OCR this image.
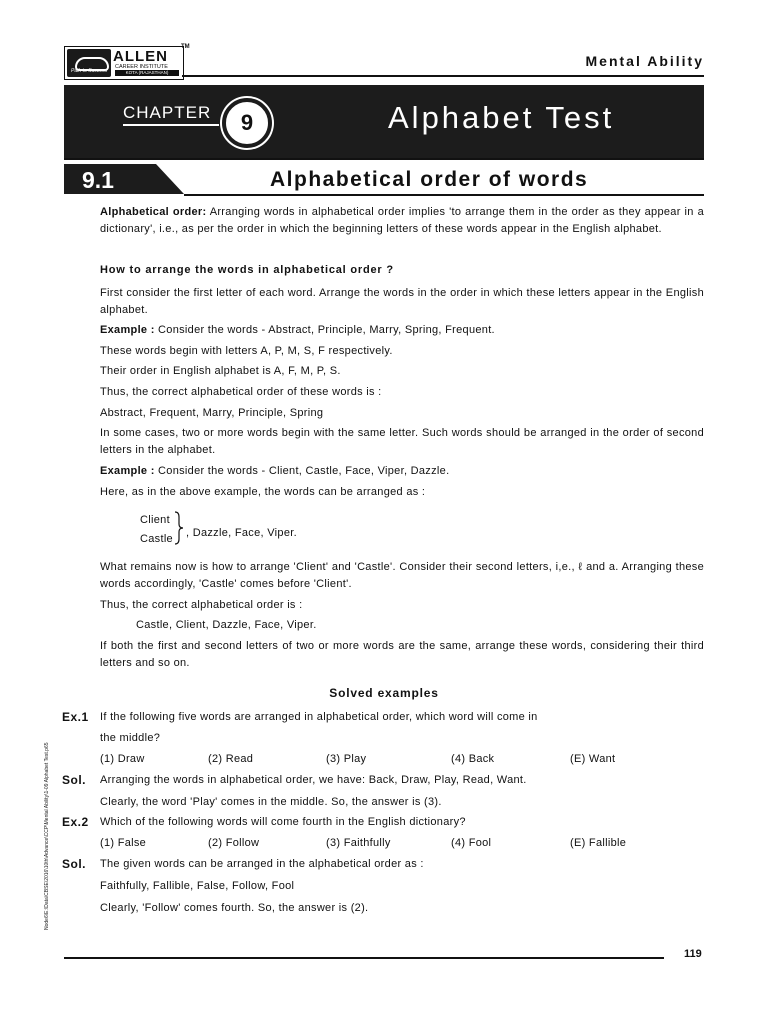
Path to Success
ALLEN
CAREER INSTITUTE
KOTA (RAJASTHAN)
TM
Mental Ability
CHAPTER	9	Alphabet Test
9.1	Alphabetical order of words
Alphabetical order: Arranging words in alphabetical order implies 'to arrange them in the order as they appear in a dictionary', i.e., as per the order in which the beginning letters of these words appear in the English alphabet.
How to arrange the words in alphabetical order ?
First consider the first letter of each word. Arrange the words in the order in which these letters appear in the English alphabet.
Example : Consider the words - Abstract, Principle, Marry, Spring, Frequent.
These words begin with letters A, P, M, S, F respectively.
Their order in English alphabet is A, F, M, P, S.
Thus, the correct alphabetical order of these words is :
Abstract, Frequent, Marry, Principle, Spring
In some cases, two or more words begin with the same letter. Such words should be arranged in the order of second letters in the alphabet.
Example : Consider the words - Client, Castle, Face, Viper, Dazzle.
Here, as in the above example, the words can be arranged as :
Client
Castle , Dazzle, Face, Viper.
What remains now is how to arrange 'Client' and 'Castle'. Consider their second letters, i,e., ℓ and a. Arranging these words accordingly, 'Castle' comes before 'Client'.
Thus, the correct alphabetical order is :
Castle, Client, Dazzle, Face, Viper.
If both the first and second letters of two or more words are the same, arrange these words, considering their third letters and so on.
Solved examples
Ex.1 If the following five words are arranged in alphabetical order, which word will come in
the middle?
(1) Draw	(2) Read	(3) Play	(4) Back	(E) Want
Sol. Arranging the words in alphabetical order, we have: Back, Draw, Play, Read, Want.
Clearly, the word 'Play' comes in the middle. So, the answer is (3).
Ex.2 Which of the following words will come fourth in the English dictionary?
(1) False	(2) Follow	(3) Faithfully	(4) Fool	(E) Fallible
Sol. The given words can be arranged in the alphabetical order as :
Faithfully, Fallible, False, Follow, Fool
Clearly, 'Follow' comes fourth. So, the answer is (2).
Node6\E:\Data\CBSE\2016\10th\Advance\CCP\Mental Ability\1-09 Alphabet Test.p65
119
